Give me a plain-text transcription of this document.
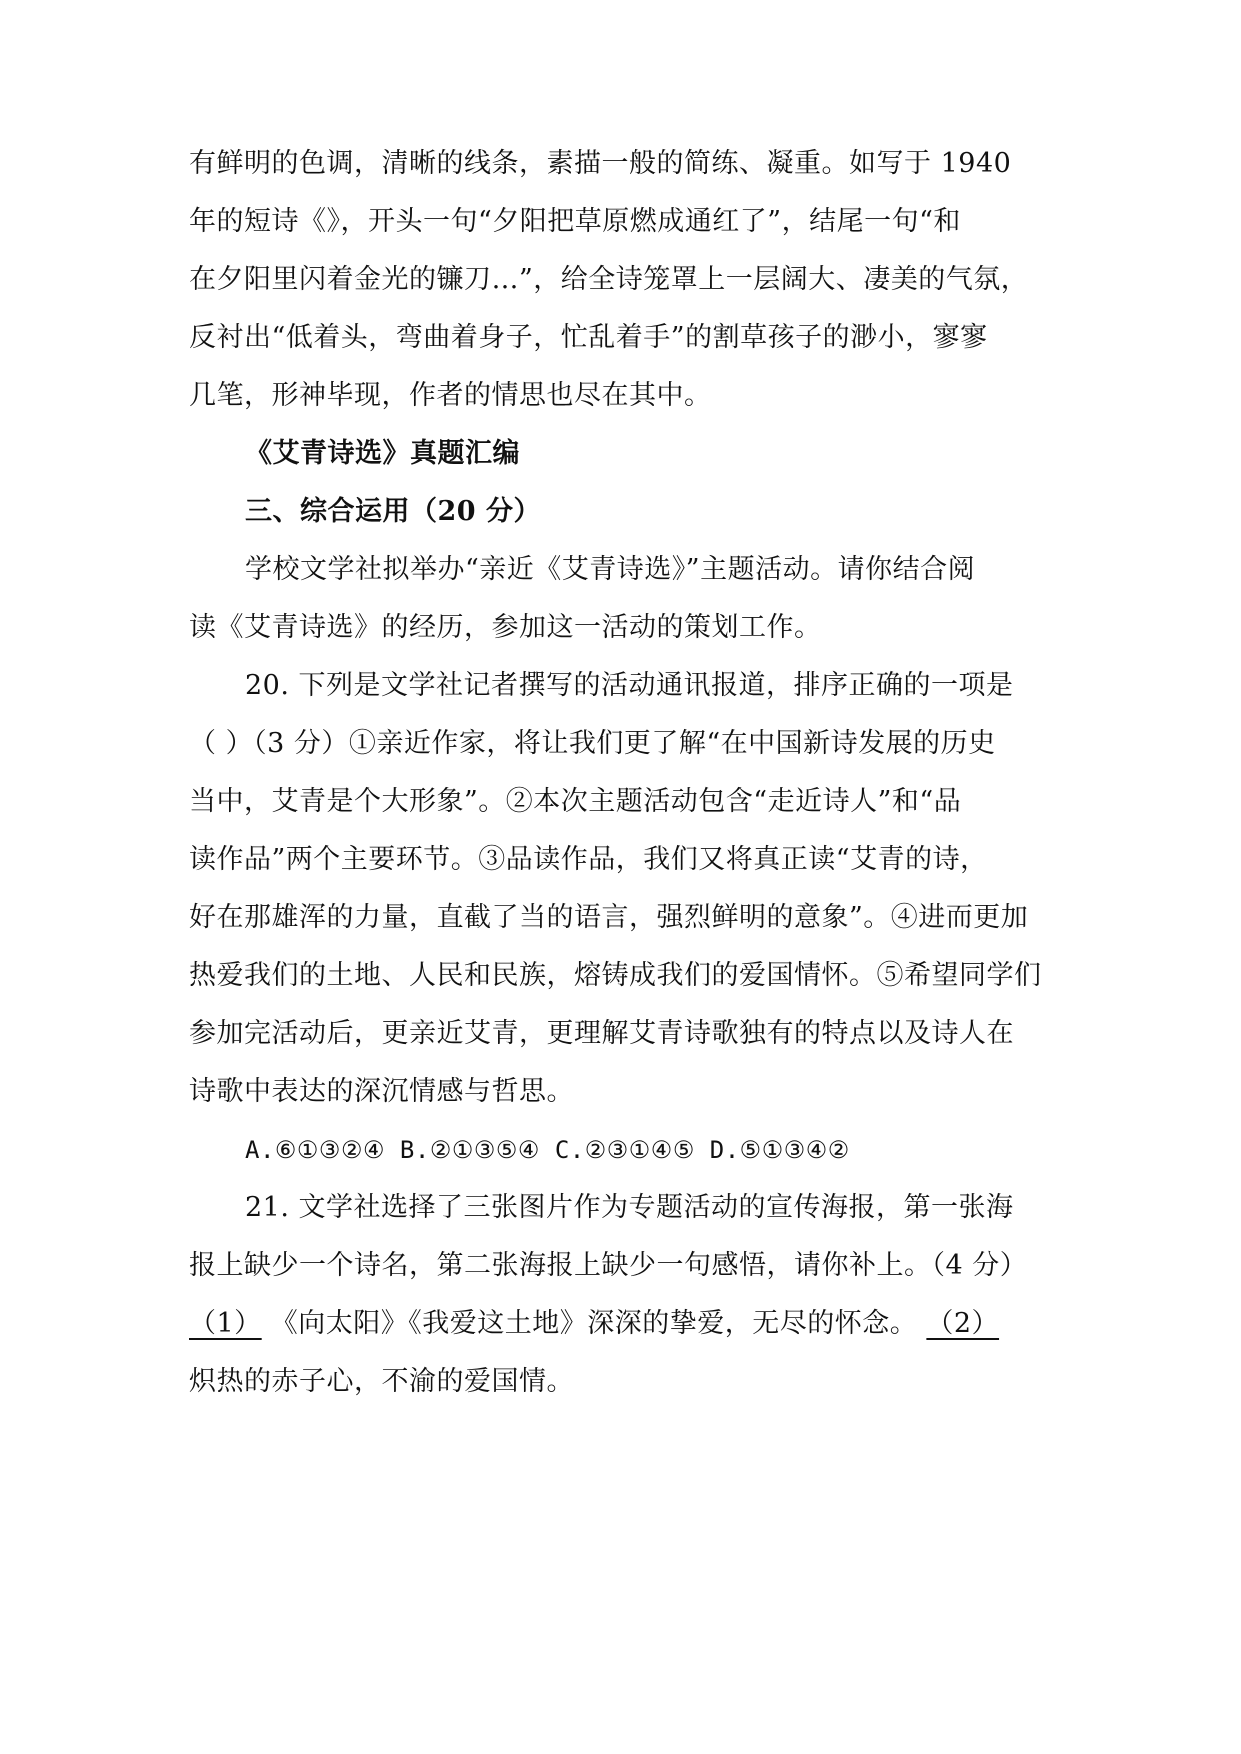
有鲜明的色调，清晰的线条，素描一般的简练、凝重。如写于 1940
年的短诗《》，开头一句“夕阳把草原燃成通红了”，结尾一句“和
在夕阳里闪着金光的镰刀…”，给全诗笼罩上一层阔大、凄美的气氛，
反衬出“低着头，弯曲着身子，忙乱着手”的割草孩子的渺小，寥寥
几笔，形神毕现，作者的情思也尽在其中。
《艾青诗选》真题汇编
三、综合运用（20 分）
学校文学社拟举办“亲近《艾青诗选》”主题活动。请你结合阅
读《艾青诗选》的经历，参加这一活动的策划工作。
20. 下列是文学社记者撰写的活动通讯报道，排序正确的一项是
（ ）（3 分）①亲近作家，将让我们更了解“在中国新诗发展的历史
当中，艾青是个大形象”。②本次主题活动包含“走近诗人”和“品
读作品”两个主要环节。③品读作品，我们又将真正读“艾青的诗，
好在那雄浑的力量，直截了当的语言，强烈鲜明的意象”。④进而更加
热爱我们的土地、人民和民族，熔铸成我们的爱国情怀。⑤希望同学们
参加完活动后，更亲近艾青，更理解艾青诗歌独有的特点以及诗人在
诗歌中表达的深沉情感与哲思。
A.⑥①③②④ B.②①③⑤④ C.②③①④⑤ D.⑤①③④②
21. 文学社选择了三张图片作为专题活动的宣传海报，第一张海
报上缺少一个诗名，第二张海报上缺少一句感悟，请你补上。（4 分）
（1） 《向太阳》《我爱这土地》深深的挚爱，无尽的怀念。 （2）
炽热的赤子心，不渝的爱国情。
